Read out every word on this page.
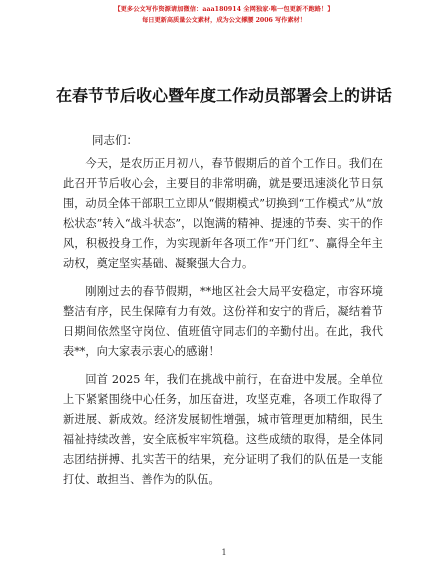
【更多公文写作资源请加微信：aaa180914 全网独家·唯一包更新不跑路！】
每日更新高质量公文素材，成为公文撑腰 2006 写作素材！
在春节节后收心暨年度工作动员部署会上的讲话
同志们：

今天，是农历正月初八，春节假期后的首个工作日。我们在此召开节后收心会，主要目的非常明确，就是要迅速淡化节日氛围，动员全体干部职工立即从“假期模式”切换到“工作模式”从“放松状态”转入“战斗状态”，以饱满的精神、提速的节奏、实干的作风，积极投身工作，为实现新年各项工作“开门红”、赢得全年主动权，奠定坚实基础、凝聚强大合力。

刚刚过去的春节假期，**地区社会大局平安稳定，市容环境整洁有序，民生保障有力有效。这份祥和安宁的背后，凝结着节日期间依然坚守岗位、值班值守同志们的辛勤付出。在此，我代表**，向大家表示衷心的感谢！

回首 2025 年，我们在挑战中前行，在奋进中发展。全单位上下紧紧围绕中心任务，加压奋进，攻坚克难，各项工作取得了新进展、新成效。经济发展韧性增强，城市管理更加精细，民生福祉持续改善，安全底板牢牢筑稳。这些成绩的取得，是全体同志团结拼搏、扎实苦干的结果，充分证明了我们的队伍是一支能打仗、敢担当、善作为的队伍。

1
